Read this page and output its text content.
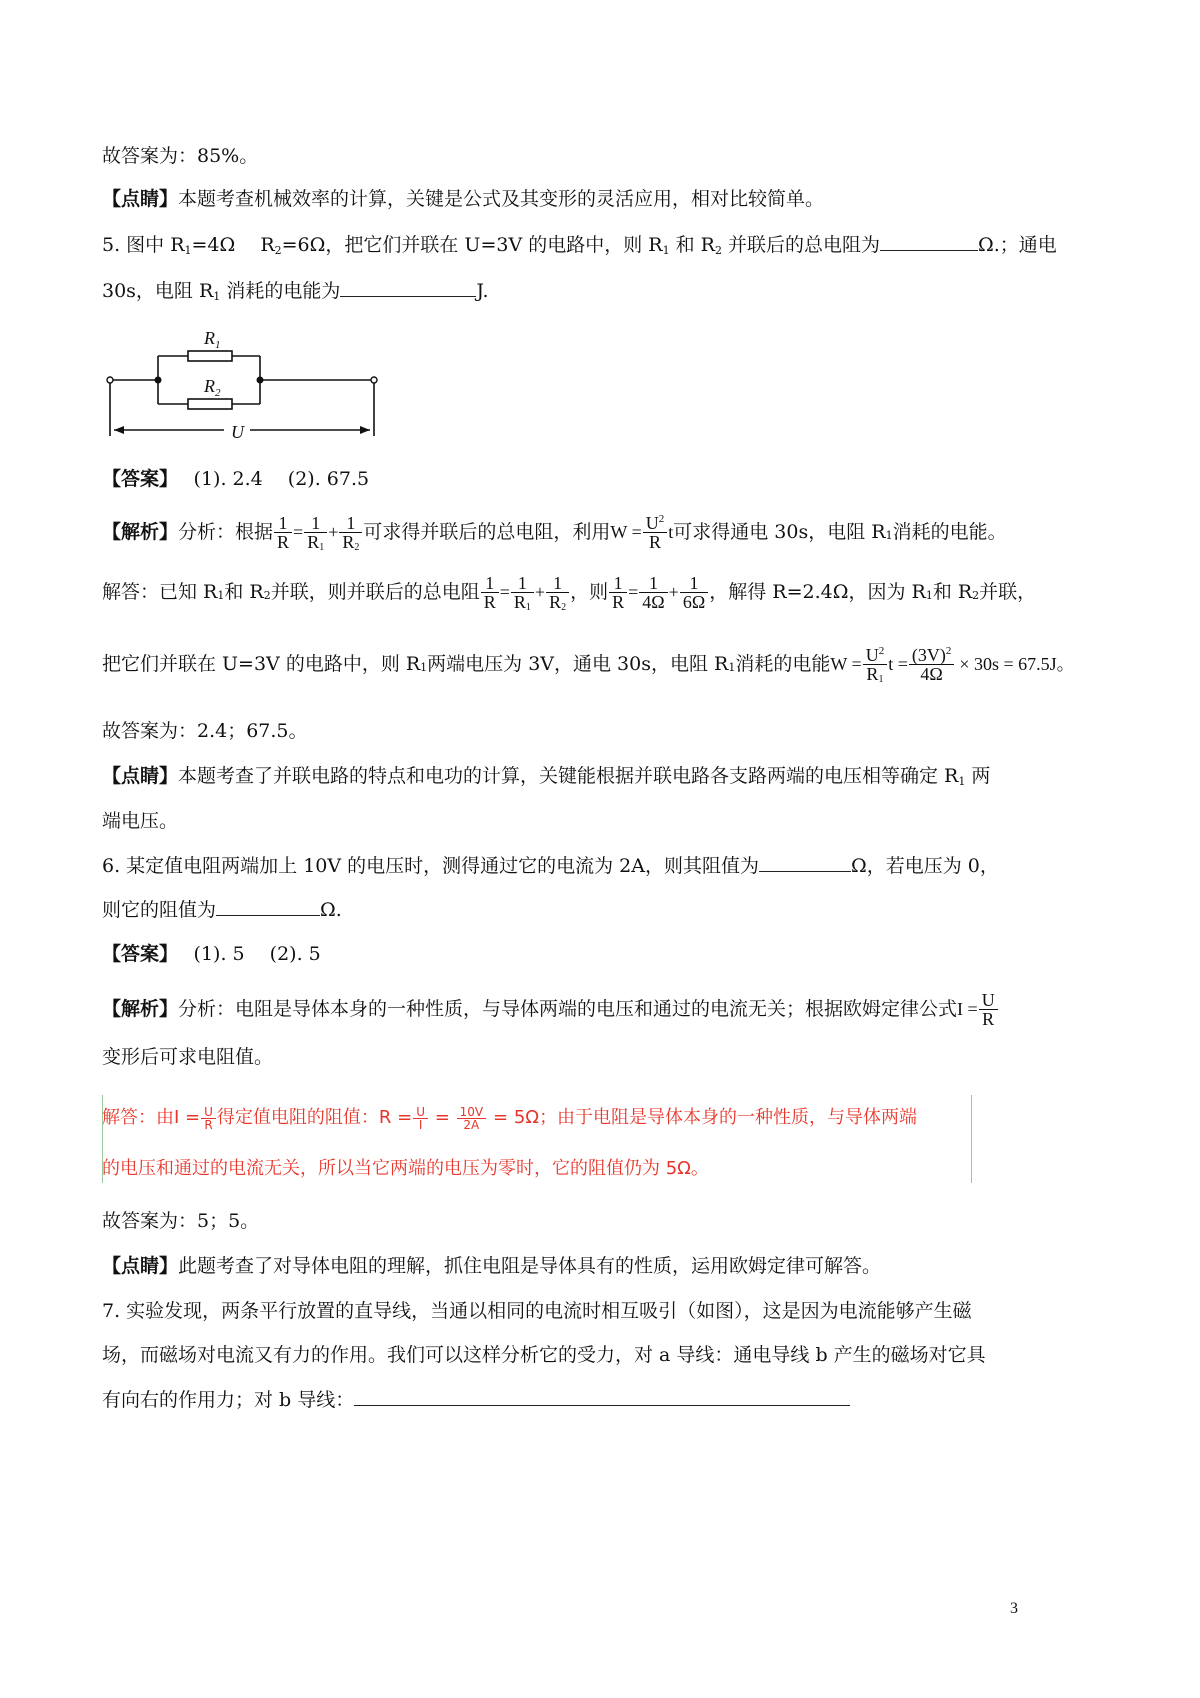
故答案为：85%。
【点睛】本题考查机械效率的计算，关键是公式及其变形的灵活应用，相对比较简单。
5. 图中 $R_1=4\Omega$　 $R_2=6\Omega$，把它们并联在 U=3V 的电路中，则 $R_1$ 和 $R_2$ 并联后的总电阻为	Ω.；通电
30s，电阻 $R_1$ 消耗的电能为	J.
$R_1$
$R_2$
U
【答案】　 (1). 2.4　 (2). 67.5
【解析】 分析：根据 $\frac{1}{R} = \frac{1}{R_1} + \frac{1}{R_2}$ 可求得并联后的总电阻，利用 $W = \frac{U^2}{R}$ t 可求得通电 30s，电阻 $R_1$ 消耗的电能。
解答：已知 $R_1$ 和 $R_2$ 并联，则并联后的总电阻 $\frac{1}{R} = \frac{1}{R_1} + \frac{1}{R_2}$ ，则 $\frac{1}{R} = \frac{1}{4\Omega} + \frac{1}{6\Omega}$ ，解得 R=2.4Ω，因为 $R_1$ 和 $R_2$ 并联，
把它们并联在 U=3V 的电路中，则 $R_1$ 两端电压为 3V，通电 30s，电阻 $R_1$ 消耗的电能 $W = \frac{U^2}{R_1}$ $t = \frac{(3V)^2}{4\Omega} \times 30s = 67.5J$。
故答案为：2.4；67.5。
【点睛】本题考查了并联电路的特点和电功的计算，关键能根据并联电路各支路两端的电压相等确定 $R_1$ 两
端电压。
6. 某定值电阻两端加上 10V 的电压时，测得通过它的电流为 2A，则其阻值为	Ω，若电压为 0，
则它的阻值为	Ω.
【答案】　 (1). 5　 (2). 5
【解析】 分析：电阻是导体本身的一种性质，与导体两端的电压和通过的电流无关；根据欧姆定律公式 $I = \frac{U}{R}$
变形后可求电阻值。
解答：由 $I = \frac{U}{R}$ 得定值电阻的阻值： $R = \frac{U}{I} = \frac{10V}{2A} = 5\Omega$ ；由于电阻是导体本身的一种性质，与导体两端
的电压和通过的电流无关，所以当它两端的电压为零时，它的阻值仍为 5Ω。
故答案为：5；5。
【点睛】此题考查了对导体电阻的理解，抓住电阻是导体具有的性质，运用欧姆定律可解答。
7. 实验发现，两条平行放置的直导线，当通以相同的电流时相互吸引（如图），这是因为电流能够产生磁
场，而磁场对电流又有力的作用。我们可以这样分析它的受力，对 a 导线：通电导线 b 产生的磁场对它具
有向右的作用力；对 b 导线：
3
